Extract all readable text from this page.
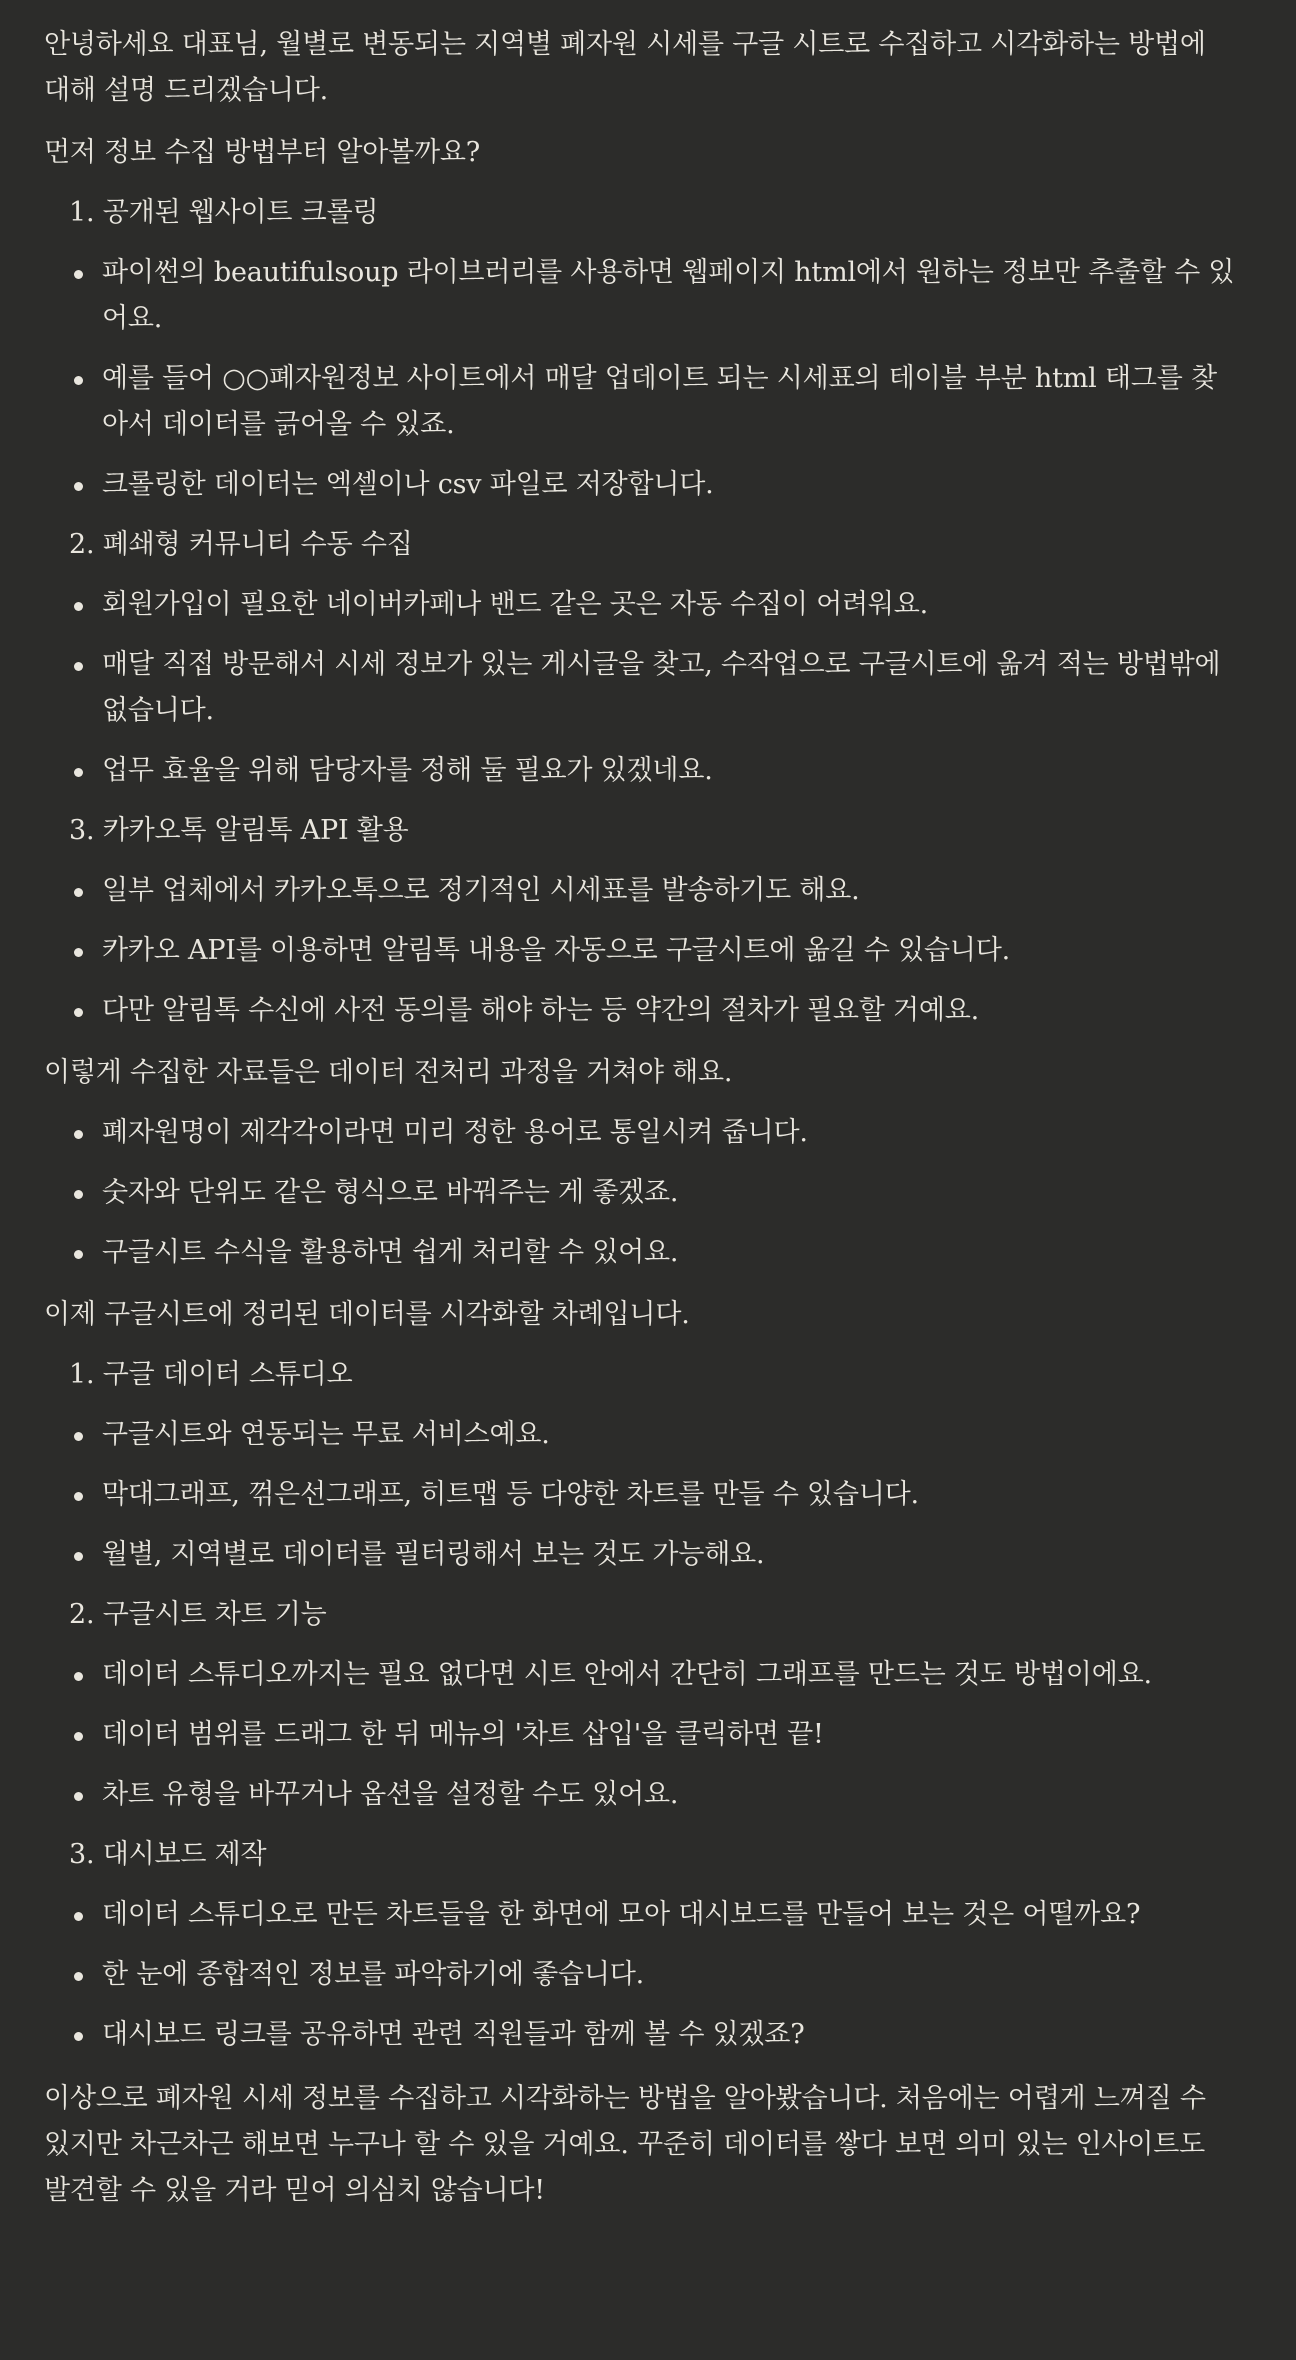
안녕하세요 대표님, 월별로 변동되는 지역별 폐자원 시세를 구글 시트로 수집하고 시각화하는 방법에 대해 설명 드리겠습니다.

먼저 정보 수집 방법부터 알아볼까요?

1. 공개된 웹사이트 크롤링
파이썬의 beautifulsoup 라이브러리를 사용하면 웹페이지 html에서 원하는 정보만 추출할 수 있어요.
예를 들어 ○○폐자원정보 사이트에서 매달 업데이트 되는 시세표의 테이블 부분 html 태그를 찾아서 데이터를 긁어올 수 있죠.
크롤링한 데이터는 엑셀이나 csv 파일로 저장합니다.
2. 폐쇄형 커뮤니티 수동 수집
회원가입이 필요한 네이버카페나 밴드 같은 곳은 자동 수집이 어려워요.
매달 직접 방문해서 시세 정보가 있는 게시글을 찾고, 수작업으로 구글시트에 옮겨 적는 방법밖에 없습니다.
업무 효율을 위해 담당자를 정해 둘 필요가 있겠네요.
3. 카카오톡 알림톡 API 활용
일부 업체에서 카카오톡으로 정기적인 시세표를 발송하기도 해요.
카카오 API를 이용하면 알림톡 내용을 자동으로 구글시트에 옮길 수 있습니다.
다만 알림톡 수신에 사전 동의를 해야 하는 등 약간의 절차가 필요할 거예요.

이렇게 수집한 자료들은 데이터 전처리 과정을 거쳐야 해요.

폐자원명이 제각각이라면 미리 정한 용어로 통일시켜 줍니다.
숫자와 단위도 같은 형식으로 바꿔주는 게 좋겠죠.
구글시트 수식을 활용하면 쉽게 처리할 수 있어요.

이제 구글시트에 정리된 데이터를 시각화할 차례입니다.

1. 구글 데이터 스튜디오
구글시트와 연동되는 무료 서비스예요.
막대그래프, 꺾은선그래프, 히트맵 등 다양한 차트를 만들 수 있습니다.
월별, 지역별로 데이터를 필터링해서 보는 것도 가능해요.
2. 구글시트 차트 기능
데이터 스튜디오까지는 필요 없다면 시트 안에서 간단히 그래프를 만드는 것도 방법이에요.
데이터 범위를 드래그 한 뒤 메뉴의 '차트 삽입'을 클릭하면 끝!
차트 유형을 바꾸거나 옵션을 설정할 수도 있어요.
3. 대시보드 제작
데이터 스튜디오로 만든 차트들을 한 화면에 모아 대시보드를 만들어 보는 것은 어떨까요?
한 눈에 종합적인 정보를 파악하기에 좋습니다.
대시보드 링크를 공유하면 관련 직원들과 함께 볼 수 있겠죠?

이상으로 폐자원 시세 정보를 수집하고 시각화하는 방법을 알아봤습니다. 처음에는 어렵게 느껴질 수 있지만 차근차근 해보면 누구나 할 수 있을 거예요. 꾸준히 데이터를 쌓다 보면 의미 있는 인사이트도 발견할 수 있을 거라 믿어 의심치 않습니다!
